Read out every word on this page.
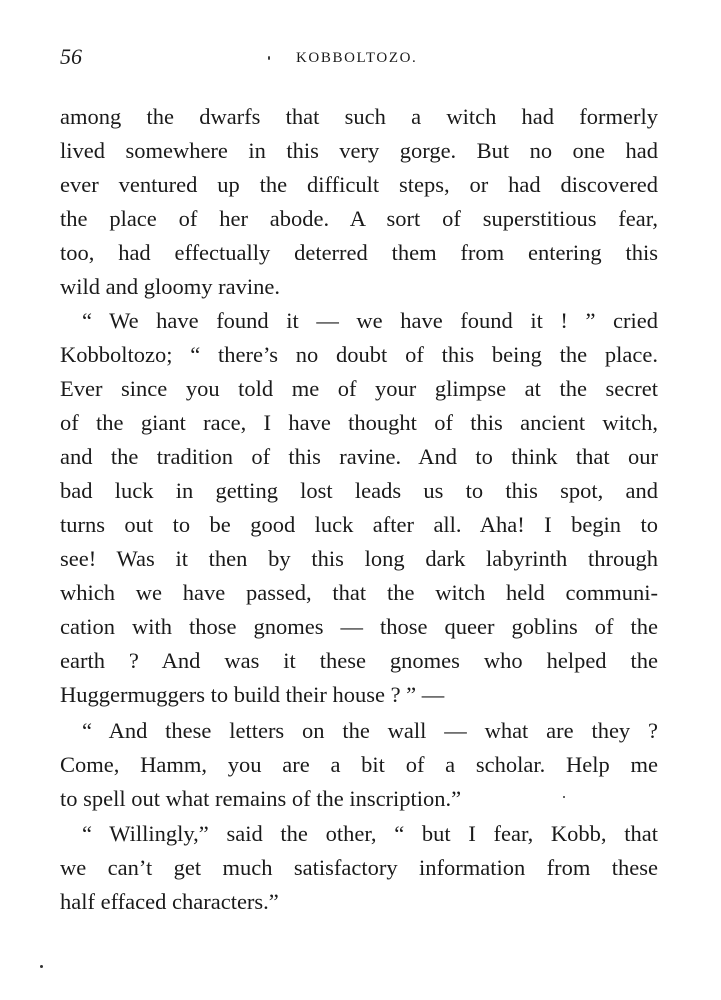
56	KOBBOLTOZO.
among the dwarfs that such a witch had formerly
lived somewhere in this very gorge. But no one had
ever ventured up the difficult steps, or had discovered
the place of her abode. A sort of superstitious fear,
too, had effectually deterred them from entering this
wild and gloomy ravine.
“ We have found it — we have found it ! ” cried
Kobboltozo; “ there’s no doubt of this being the place.
Ever since you told me of your glimpse at the secret
of the giant race, I have thought of this ancient witch,
and the tradition of this ravine. And to think that our
bad luck in getting lost leads us to this spot, and
turns out to be good luck after all. Aha! I begin to
see! Was it then by this long dark labyrinth through
which we have passed, that the witch held communi-
cation with those gnomes — those queer goblins of the
earth ? And was it these gnomes who helped the
Huggermuggers to build their house ? ” —
“ And these letters on the wall — what are they ?
Come, Hamm, you are a bit of a scholar. Help me
to spell out what remains of the inscription.”
“ Willingly,” said the other, “ but I fear, Kobb, that
we can’t get much satisfactory information from these
half effaced characters.”
